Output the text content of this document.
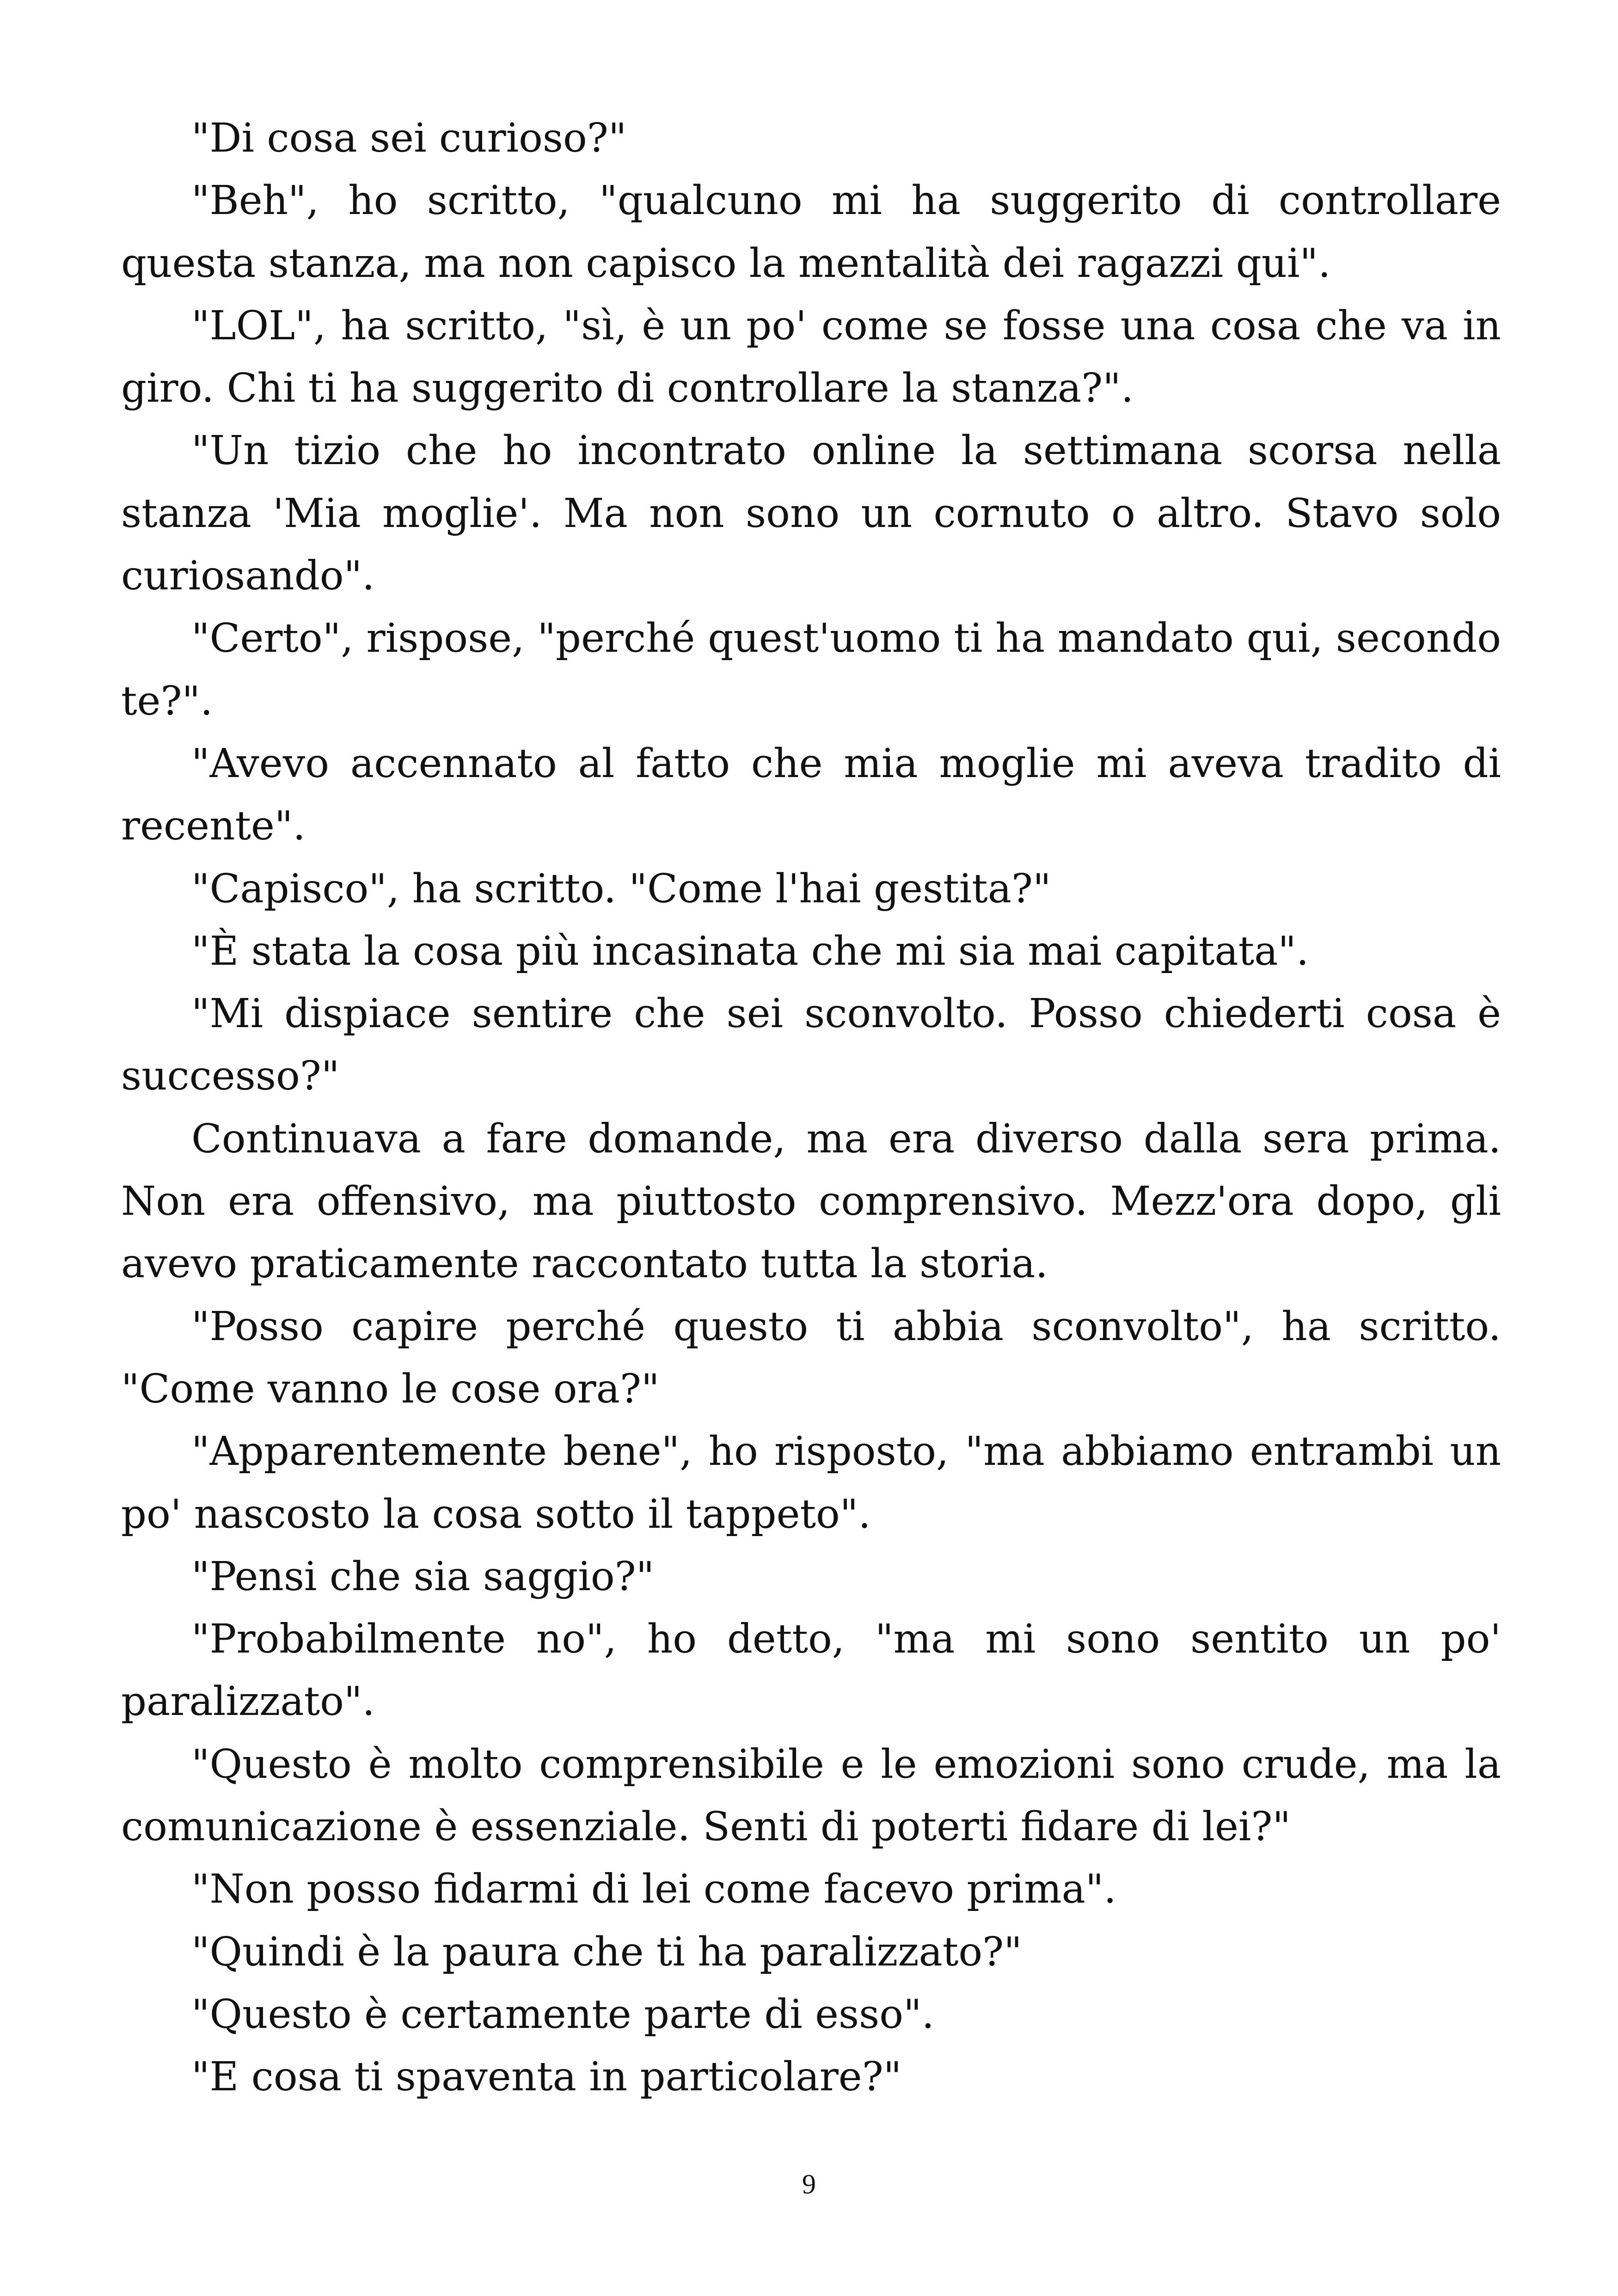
"Di cosa sei curioso?"

"Beh", ho scritto, "qualcuno mi ha suggerito di controllare questa stanza, ma non capisco la mentalità dei ragazzi qui".

"LOL", ha scritto, "sì, è un po' come se fosse una cosa che va in giro. Chi ti ha suggerito di controllare la stanza?".

"Un tizio che ho incontrato online la settimana scorsa nella stanza 'Mia moglie'. Ma non sono un cornuto o altro. Stavo solo curiosando".

"Certo", rispose, "perché quest'uomo ti ha mandato qui, secondo te?".

"Avevo accennato al fatto che mia moglie mi aveva tradito di recente".

"Capisco", ha scritto. "Come l'hai gestita?"

"È stata la cosa più incasinata che mi sia mai capitata".

"Mi dispiace sentire che sei sconvolto. Posso chiederti cosa è successo?"

Continuava a fare domande, ma era diverso dalla sera prima. Non era offensivo, ma piuttosto comprensivo. Mezz'ora dopo, gli avevo praticamente raccontato tutta la storia.

"Posso capire perché questo ti abbia sconvolto", ha scritto. "Come vanno le cose ora?"

"Apparentemente bene", ho risposto, "ma abbiamo entrambi un po' nascosto la cosa sotto il tappeto".

"Pensi che sia saggio?"

"Probabilmente no", ho detto, "ma mi sono sentito un po' paralizzato".

"Questo è molto comprensibile e le emozioni sono crude, ma la comunicazione è essenziale. Senti di poterti fidare di lei?"

"Non posso fidarmi di lei come facevo prima".

"Quindi è la paura che ti ha paralizzato?"

"Questo è certamente parte di esso".

"E cosa ti spaventa in particolare?"

9
